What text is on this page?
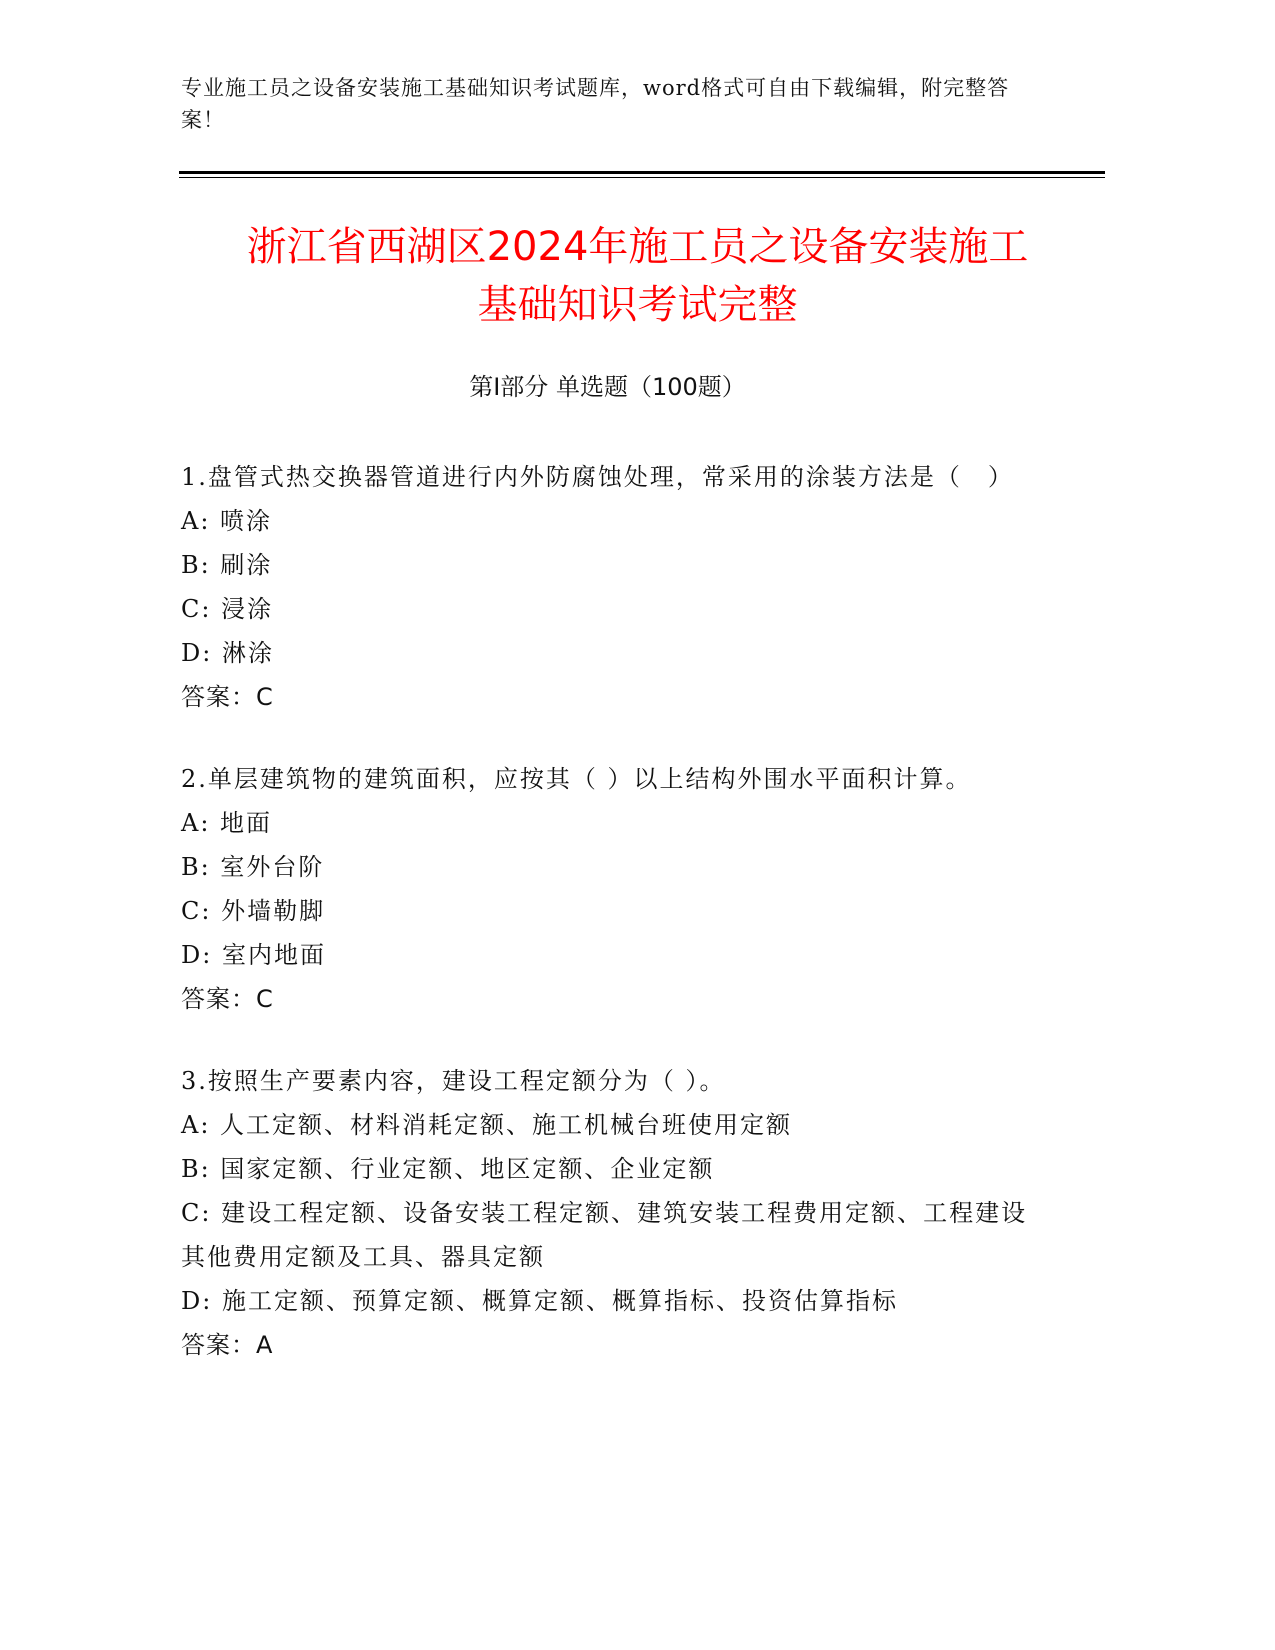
专业施工员之设备安装施工基础知识考试题库，word格式可自由下载编辑，附完整答案！
浙江省西湖区2024年施工员之设备安装施工
基础知识考试完整
第Ⅰ部分 单选题（100题）
1.盘管式热交换器管道进行内外防腐蚀处理，常采用的涂装方法是（　）
A: 喷涂
B: 刷涂
C: 浸涂
D: 淋涂
答案：C
2.单层建筑物的建筑面积，应按其（ ）以上结构外围水平面积计算。
A: 地面
B: 室外台阶
C: 外墙勒脚
D: 室内地面
答案：C
3.按照生产要素内容，建设工程定额分为（ ）。
A: 人工定额、材料消耗定额、施工机械台班使用定额
B: 国家定额、行业定额、地区定额、企业定额
C: 建设工程定额、设备安装工程定额、建筑安装工程费用定额、工程建设其他费用定额及工具、器具定额
D: 施工定额、预算定额、概算定额、概算指标、投资估算指标
答案：A
